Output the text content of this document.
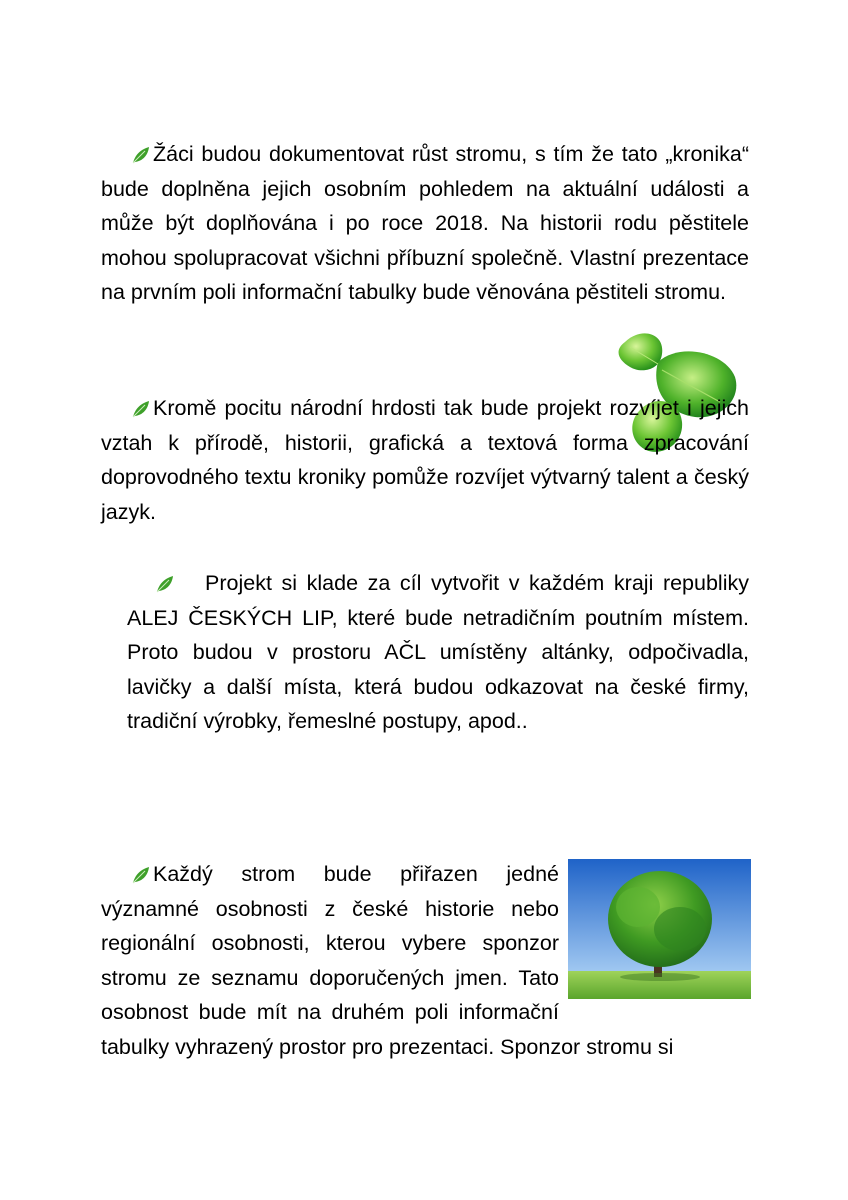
Žáci budou dokumentovat růst stromu, s tím že tato „kronika“ bude doplněna jejich osobním pohledem na aktuální události a může být doplňována i po roce 2018. Na historii rodu pěstitele mohou spolupracovat všichni příbuzní společně. Vlastní prezentace na prvním poli informační tabulky bude věnována pěstiteli stromu.

Kromě pocitu národní hrdosti tak bude projekt rozvíjet i jejich vztah k přírodě, historii, grafická a textová forma zpracování doprovodného textu kroniky pomůže rozvíjet výtvarný talent a český jazyk.

Projekt si klade za cíl vytvořit v každém kraji republiky ALEJ ČESKÝCH LIP, které bude netradičním poutním místem. Proto budou v prostoru AČL umístěny altánky, odpočivadla, lavičky a další místa, která budou odkazovat na české firmy, tradiční výrobky, řemeslné postupy, apod..

Každý strom bude přiřazen jedné významné osobnosti z české historie nebo regionální osobnosti, kterou vybere sponzor stromu ze seznamu doporučených jmen. Tato osobnost bude mít na druhém poli informační tabulky vyhrazený prostor pro prezentaci. Sponzor stromu si
